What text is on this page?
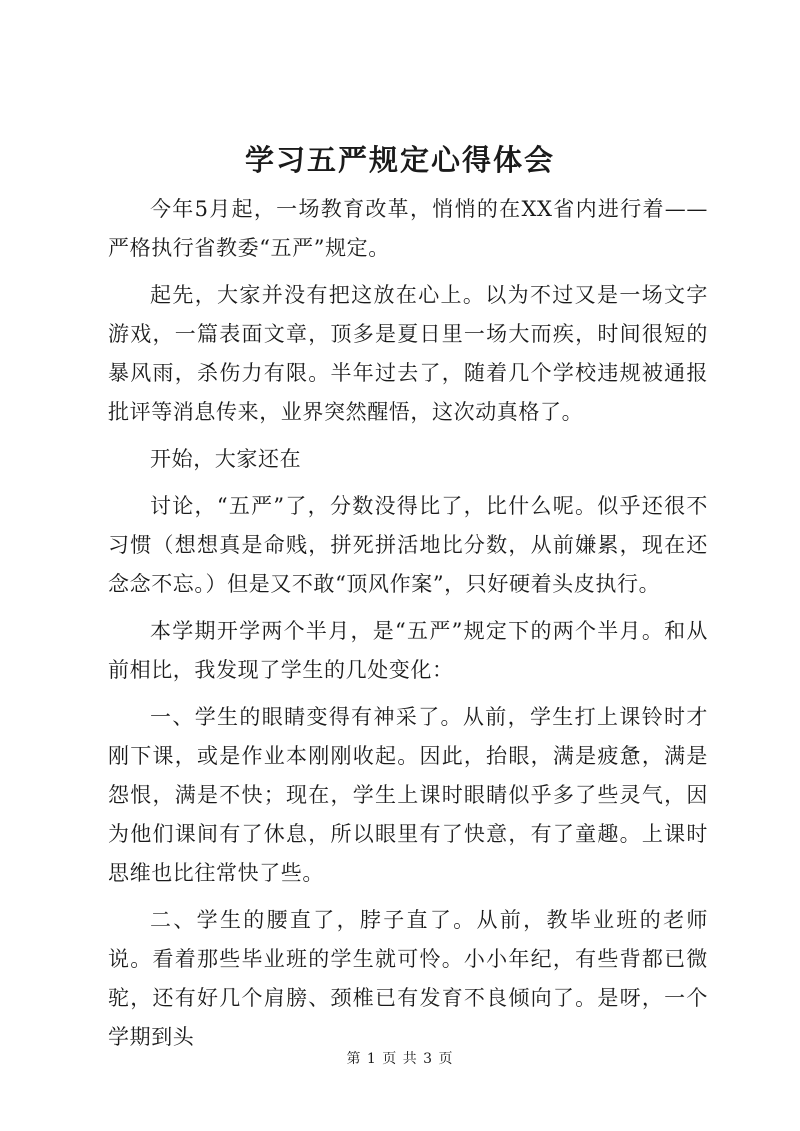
学习五严规定心得体会

今年5月起，一场教育改革，悄悄的在XX省内进行着——严格执行省教委“五严”规定。

起先，大家并没有把这放在心上。以为不过又是一场文字游戏，一篇表面文章，顶多是夏日里一场大而疾，时间很短的暴风雨，杀伤力有限。半年过去了，随着几个学校违规被通报批评等消息传来，业界突然醒悟，这次动真格了。

开始，大家还在

讨论，“五严”了，分数没得比了，比什么呢。似乎还很不习惯（想想真是命贱，拼死拼活地比分数，从前嫌累，现在还念念不忘。）但是又不敢“顶风作案”，只好硬着头皮执行。

本学期开学两个半月，是“五严”规定下的两个半月。和从前相比，我发现了学生的几处变化：

一、学生的眼睛变得有神采了。从前，学生打上课铃时才刚下课，或是作业本刚刚收起。因此，抬眼，满是疲惫，满是怨恨，满是不快；现在，学生上课时眼睛似乎多了些灵气，因为他们课间有了休息，所以眼里有了快意，有了童趣。上课时思维也比往常快了些。

二、学生的腰直了，脖子直了。从前，教毕业班的老师说。看着那些毕业班的学生就可怜。小小年纪，有些背都已微驼，还有好几个肩膀、颈椎已有发育不良倾向了。是呀，一个学期到头

第 1 页 共 3 页
